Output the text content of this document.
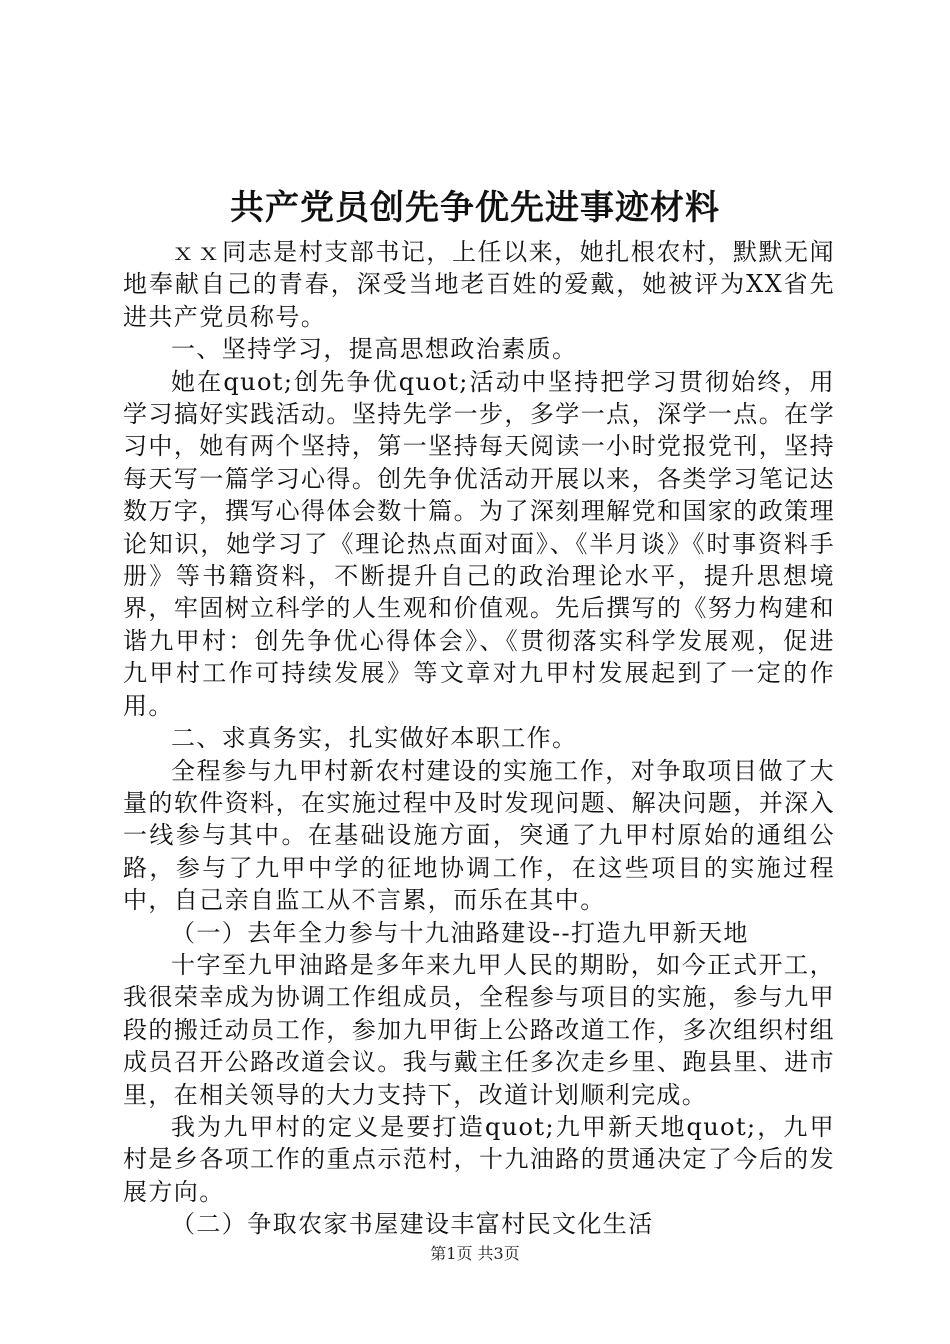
共产党员创先争优先进事迹材料

ｘｘ同志是村支部书记，上任以来，她扎根农村，默默无闻地奉献自己的青春，深受当地老百姓的爱戴，她被评为XX省先进共产党员称号。

一、坚持学习，提高思想政治素质。

她在quot;创先争优quot;活动中坚持把学习贯彻始终，用学习搞好实践活动。坚持先学一步，多学一点，深学一点。在学习中，她有两个坚持，第一坚持每天阅读一小时党报党刊，坚持每天写一篇学习心得。创先争优活动开展以来，各类学习笔记达数万字，撰写心得体会数十篇。为了深刻理解党和国家的政策理论知识，她学习了《理论热点面对面》、《半月谈》《时事资料手册》等书籍资料，不断提升自己的政治理论水平，提升思想境界，牢固树立科学的人生观和价值观。先后撰写的《努力构建和谐九甲村：创先争优心得体会》、《贯彻落实科学发展观，促进九甲村工作可持续发展》等文章对九甲村发展起到了一定的作用。

二、求真务实，扎实做好本职工作。

全程参与九甲村新农村建设的实施工作，对争取项目做了大量的软件资料，在实施过程中及时发现问题、解决问题，并深入一线参与其中。在基础设施方面，突通了九甲村原始的通组公路，参与了九甲中学的征地协调工作，在这些项目的实施过程中，自己亲自监工从不言累，而乐在其中。

（一）去年全力参与十九油路建设--打造九甲新天地

十字至九甲油路是多年来九甲人民的期盼，如今正式开工，我很荣幸成为协调工作组成员，全程参与项目的实施，参与九甲段的搬迁动员工作，参加九甲街上公路改道工作，多次组织村组成员召开公路改道会议。我与戴主任多次走乡里、跑县里、进市里，在相关领导的大力支持下，改道计划顺利完成。

我为九甲村的定义是要打造quot;九甲新天地quot;，九甲村是乡各项工作的重点示范村，十九油路的贯通决定了今后的发展方向。

（二）争取农家书屋建设丰富村民文化生活

第1页 共3页
